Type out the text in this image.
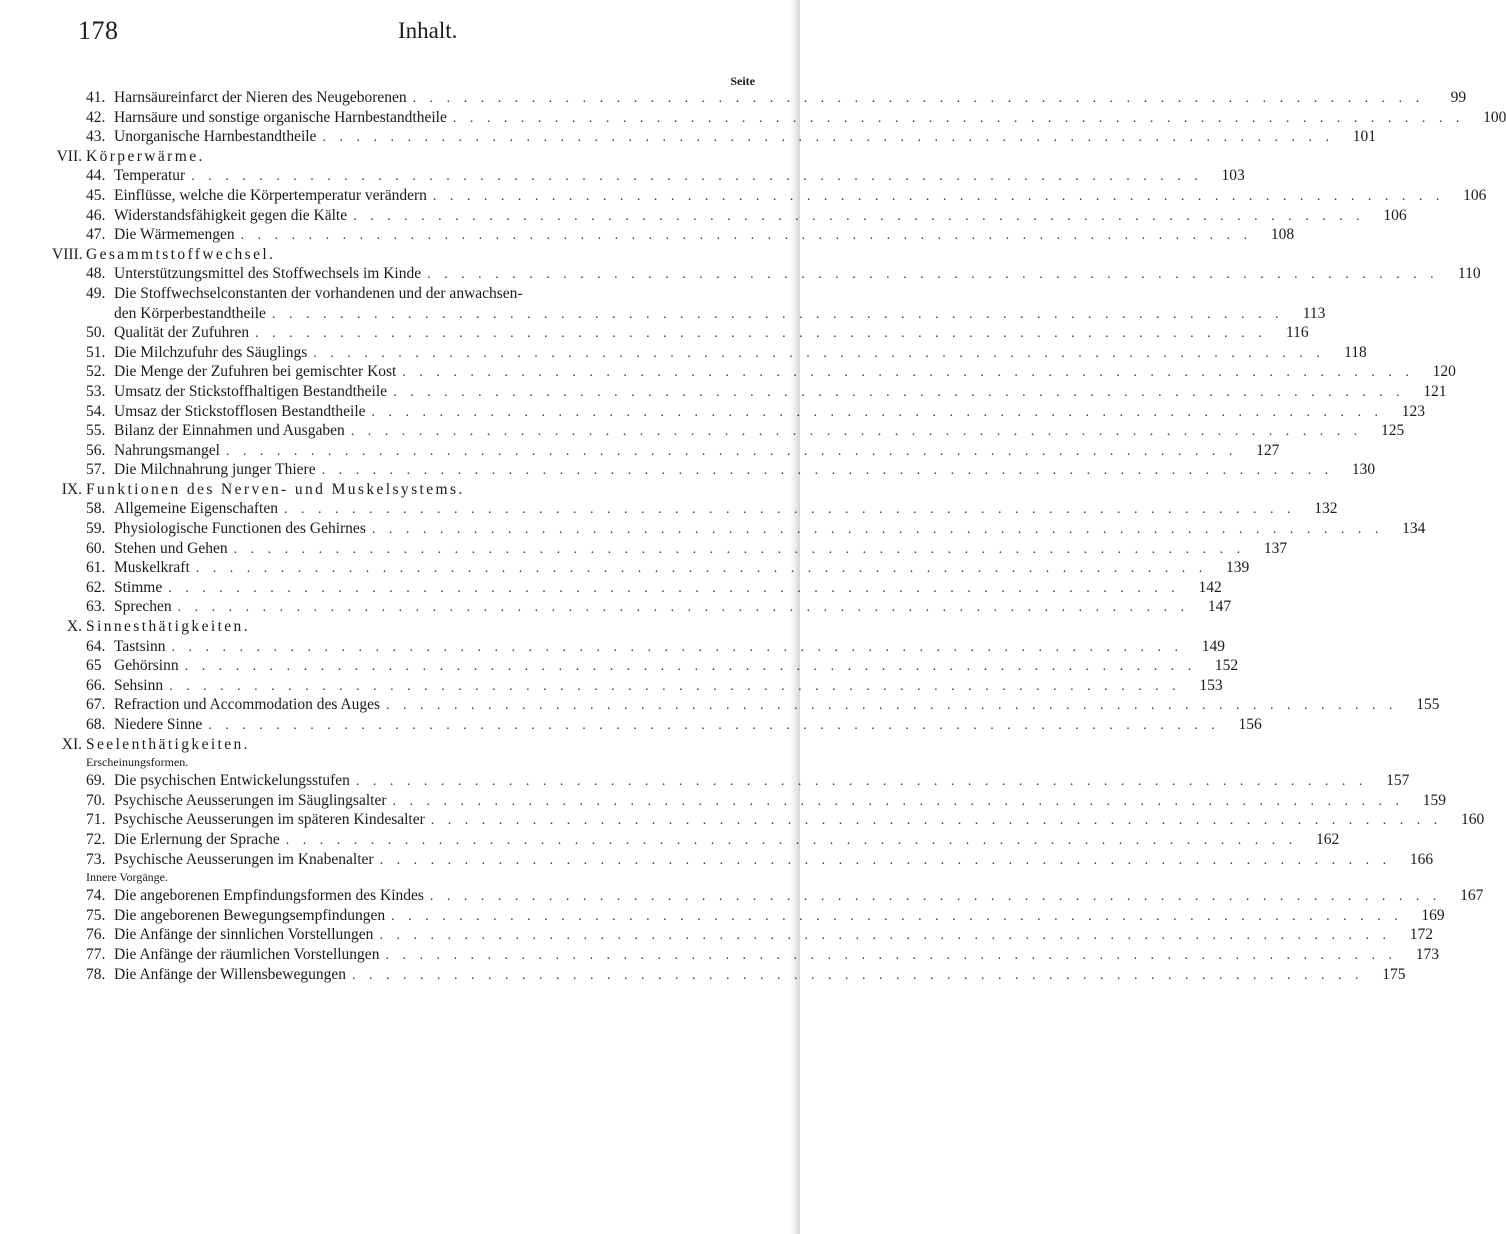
178	Inhalt.
Seite
41. Harnsäureinfarct der Nieren des Neugeborenen . . . . . . . . . . . . . . . . . . . . . . . . . . . . . . . . . . . . . . . . . . . . . . . . . . . . . . . . . . . .	99
42. Harnsäure und sonstige organische Harnbestandtheile . . . . . . . . . . . . . . . . . . . . . . . . . . . . . . . . . . . . . . . . . . . . . . . . . . . . . . . . . . . .	100
43. Unorganische Harnbestandtheile . . . . . . . . . . . . . . . . . . . . . . . . . . . . . . . . . . . . . . . . . . . . . . . . . . . . . . . . . . . .	101
VII. Körperwärme.
44. Temperatur . . . . . . . . . . . . . . . . . . . . . . . . . . . . . . . . . . . . . . . . . . . . . . . . . . . . . . . . . . . .	103
45. Einflüsse, welche die Körpertemperatur verändern . . . . . . . . . . . . . . . . . . . . . . . . . . . . . . . . . . . . . . . . . . . . . . . . . . . . . . . . . . . .	106
46. Widerstandsfähigkeit gegen die Kälte . . . . . . . . . . . . . . . . . . . . . . . . . . . . . . . . . . . . . . . . . . . . . . . . . . . . . . . . . . . .	106
47. Die Wärmemengen . . . . . . . . . . . . . . . . . . . . . . . . . . . . . . . . . . . . . . . . . . . . . . . . . . . . . . . . . . . .	108
VIII. Gesammtstoffwechsel.
48. Unterstützungsmittel des Stoffwechsels im Kinde . . . . . . . . . . . . . . . . . . . . . . . . . . . . . . . . . . . . . . . . . . . . . . . . . . . . . . . . . . . .	110
49. Die Stoffwechselconstanten der vorhandenen und der anwachsen-
den Körperbestandtheile . . . . . . . . . . . . . . . . . . . . . . . . . . . . . . . . . . . . . . . . . . . . . . . . . . . . . . . . . . . .	113
50. Qualität der Zufuhren . . . . . . . . . . . . . . . . . . . . . . . . . . . . . . . . . . . . . . . . . . . . . . . . . . . . . . . . . . . .	116
51. Die Milchzufuhr des Säuglings . . . . . . . . . . . . . . . . . . . . . . . . . . . . . . . . . . . . . . . . . . . . . . . . . . . . . . . . . . . .	118
52. Die Menge der Zufuhren bei gemischter Kost . . . . . . . . . . . . . . . . . . . . . . . . . . . . . . . . . . . . . . . . . . . . . . . . . . . . . . . . . . . .	120
53. Umsatz der Stickstoffhaltigen Bestandtheile . . . . . . . . . . . . . . . . . . . . . . . . . . . . . . . . . . . . . . . . . . . . . . . . . . . . . . . . . . . .	121
54. Umsaz der Stickstofflosen Bestandtheile . . . . . . . . . . . . . . . . . . . . . . . . . . . . . . . . . . . . . . . . . . . . . . . . . . . . . . . . . . . .	123
55. Bilanz der Einnahmen und Ausgaben . . . . . . . . . . . . . . . . . . . . . . . . . . . . . . . . . . . . . . . . . . . . . . . . . . . . . . . . . . . .	125
56. Nahrungsmangel . . . . . . . . . . . . . . . . . . . . . . . . . . . . . . . . . . . . . . . . . . . . . . . . . . . . . . . . . . . .	127
57. Die Milchnahrung junger Thiere . . . . . . . . . . . . . . . . . . . . . . . . . . . . . . . . . . . . . . . . . . . . . . . . . . . . . . . . . . . .	130
IX. Funktionen des Nerven- und Muskelsystems.
58. Allgemeine Eigenschaften . . . . . . . . . . . . . . . . . . . . . . . . . . . . . . . . . . . . . . . . . . . . . . . . . . . . . . . . . . . .	132
59. Physiologische Functionen des Gehirnes . . . . . . . . . . . . . . . . . . . . . . . . . . . . . . . . . . . . . . . . . . . . . . . . . . . . . . . . . . . .	134
60. Stehen und Gehen . . . . . . . . . . . . . . . . . . . . . . . . . . . . . . . . . . . . . . . . . . . . . . . . . . . . . . . . . . . .	137
61. Muskelkraft . . . . . . . . . . . . . . . . . . . . . . . . . . . . . . . . . . . . . . . . . . . . . . . . . . . . . . . . . . . .	139
62. Stimme . . . . . . . . . . . . . . . . . . . . . . . . . . . . . . . . . . . . . . . . . . . . . . . . . . . . . . . . . . . .	142
63. Sprechen . . . . . . . . . . . . . . . . . . . . . . . . . . . . . . . . . . . . . . . . . . . . . . . . . . . . . . . . . . . .	147
X. Sinnesthätigkeiten.
64. Tastsinn . . . . . . . . . . . . . . . . . . . . . . . . . . . . . . . . . . . . . . . . . . . . . . . . . . . . . . . . . . . .	149
65 Gehörsinn . . . . . . . . . . . . . . . . . . . . . . . . . . . . . . . . . . . . . . . . . . . . . . . . . . . . . . . . . . . .	152
66. Sehsinn . . . . . . . . . . . . . . . . . . . . . . . . . . . . . . . . . . . . . . . . . . . . . . . . . . . . . . . . . . . .	153
67. Refraction und Accommodation des Auges . . . . . . . . . . . . . . . . . . . . . . . . . . . . . . . . . . . . . . . . . . . . . . . . . . . . . . . . . . . .	155
68. Niedere Sinne . . . . . . . . . . . . . . . . . . . . . . . . . . . . . . . . . . . . . . . . . . . . . . . . . . . . . . . . . . . .	156
XI. Seelenthätigkeiten.
Erscheinungsformen.
69. Die psychischen Entwickelungsstufen . . . . . . . . . . . . . . . . . . . . . . . . . . . . . . . . . . . . . . . . . . . . . . . . . . . . . . . . . . . .	157
70. Psychische Aeusserungen im Säuglingsalter . . . . . . . . . . . . . . . . . . . . . . . . . . . . . . . . . . . . . . . . . . . . . . . . . . . . . . . . . . . .	159
71. Psychische Aeusserungen im späteren Kindesalter . . . . . . . . . . . . . . . . . . . . . . . . . . . . . . . . . . . . . . . . . . . . . . . . . . . . . . . . . . . .	160
72. Die Erlernung der Sprache . . . . . . . . . . . . . . . . . . . . . . . . . . . . . . . . . . . . . . . . . . . . . . . . . . . . . . . . . . . .	162
73. Psychische Aeusserungen im Knabenalter . . . . . . . . . . . . . . . . . . . . . . . . . . . . . . . . . . . . . . . . . . . . . . . . . . . . . . . . . . . .	166
Innere Vorgänge.
74. Die angeborenen Empfindungsformen des Kindes . . . . . . . . . . . . . . . . . . . . . . . . . . . . . . . . . . . . . . . . . . . . . . . . . . . . . . . . . . . .	167
75. Die angeborenen Bewegungsempfindungen . . . . . . . . . . . . . . . . . . . . . . . . . . . . . . . . . . . . . . . . . . . . . . . . . . . . . . . . . . . .	169
76. Die Anfänge der sinnlichen Vorstellungen . . . . . . . . . . . . . . . . . . . . . . . . . . . . . . . . . . . . . . . . . . . . . . . . . . . . . . . . . . . .	172
77. Die Anfänge der räumlichen Vorstellungen . . . . . . . . . . . . . . . . . . . . . . . . . . . . . . . . . . . . . . . . . . . . . . . . . . . . . . . . . . . .	173
78. Die Anfänge der Willensbewegungen . . . . . . . . . . . . . . . . . . . . . . . . . . . . . . . . . . . . . . . . . . . . . . . . . . . . . . . . . . . .	175
